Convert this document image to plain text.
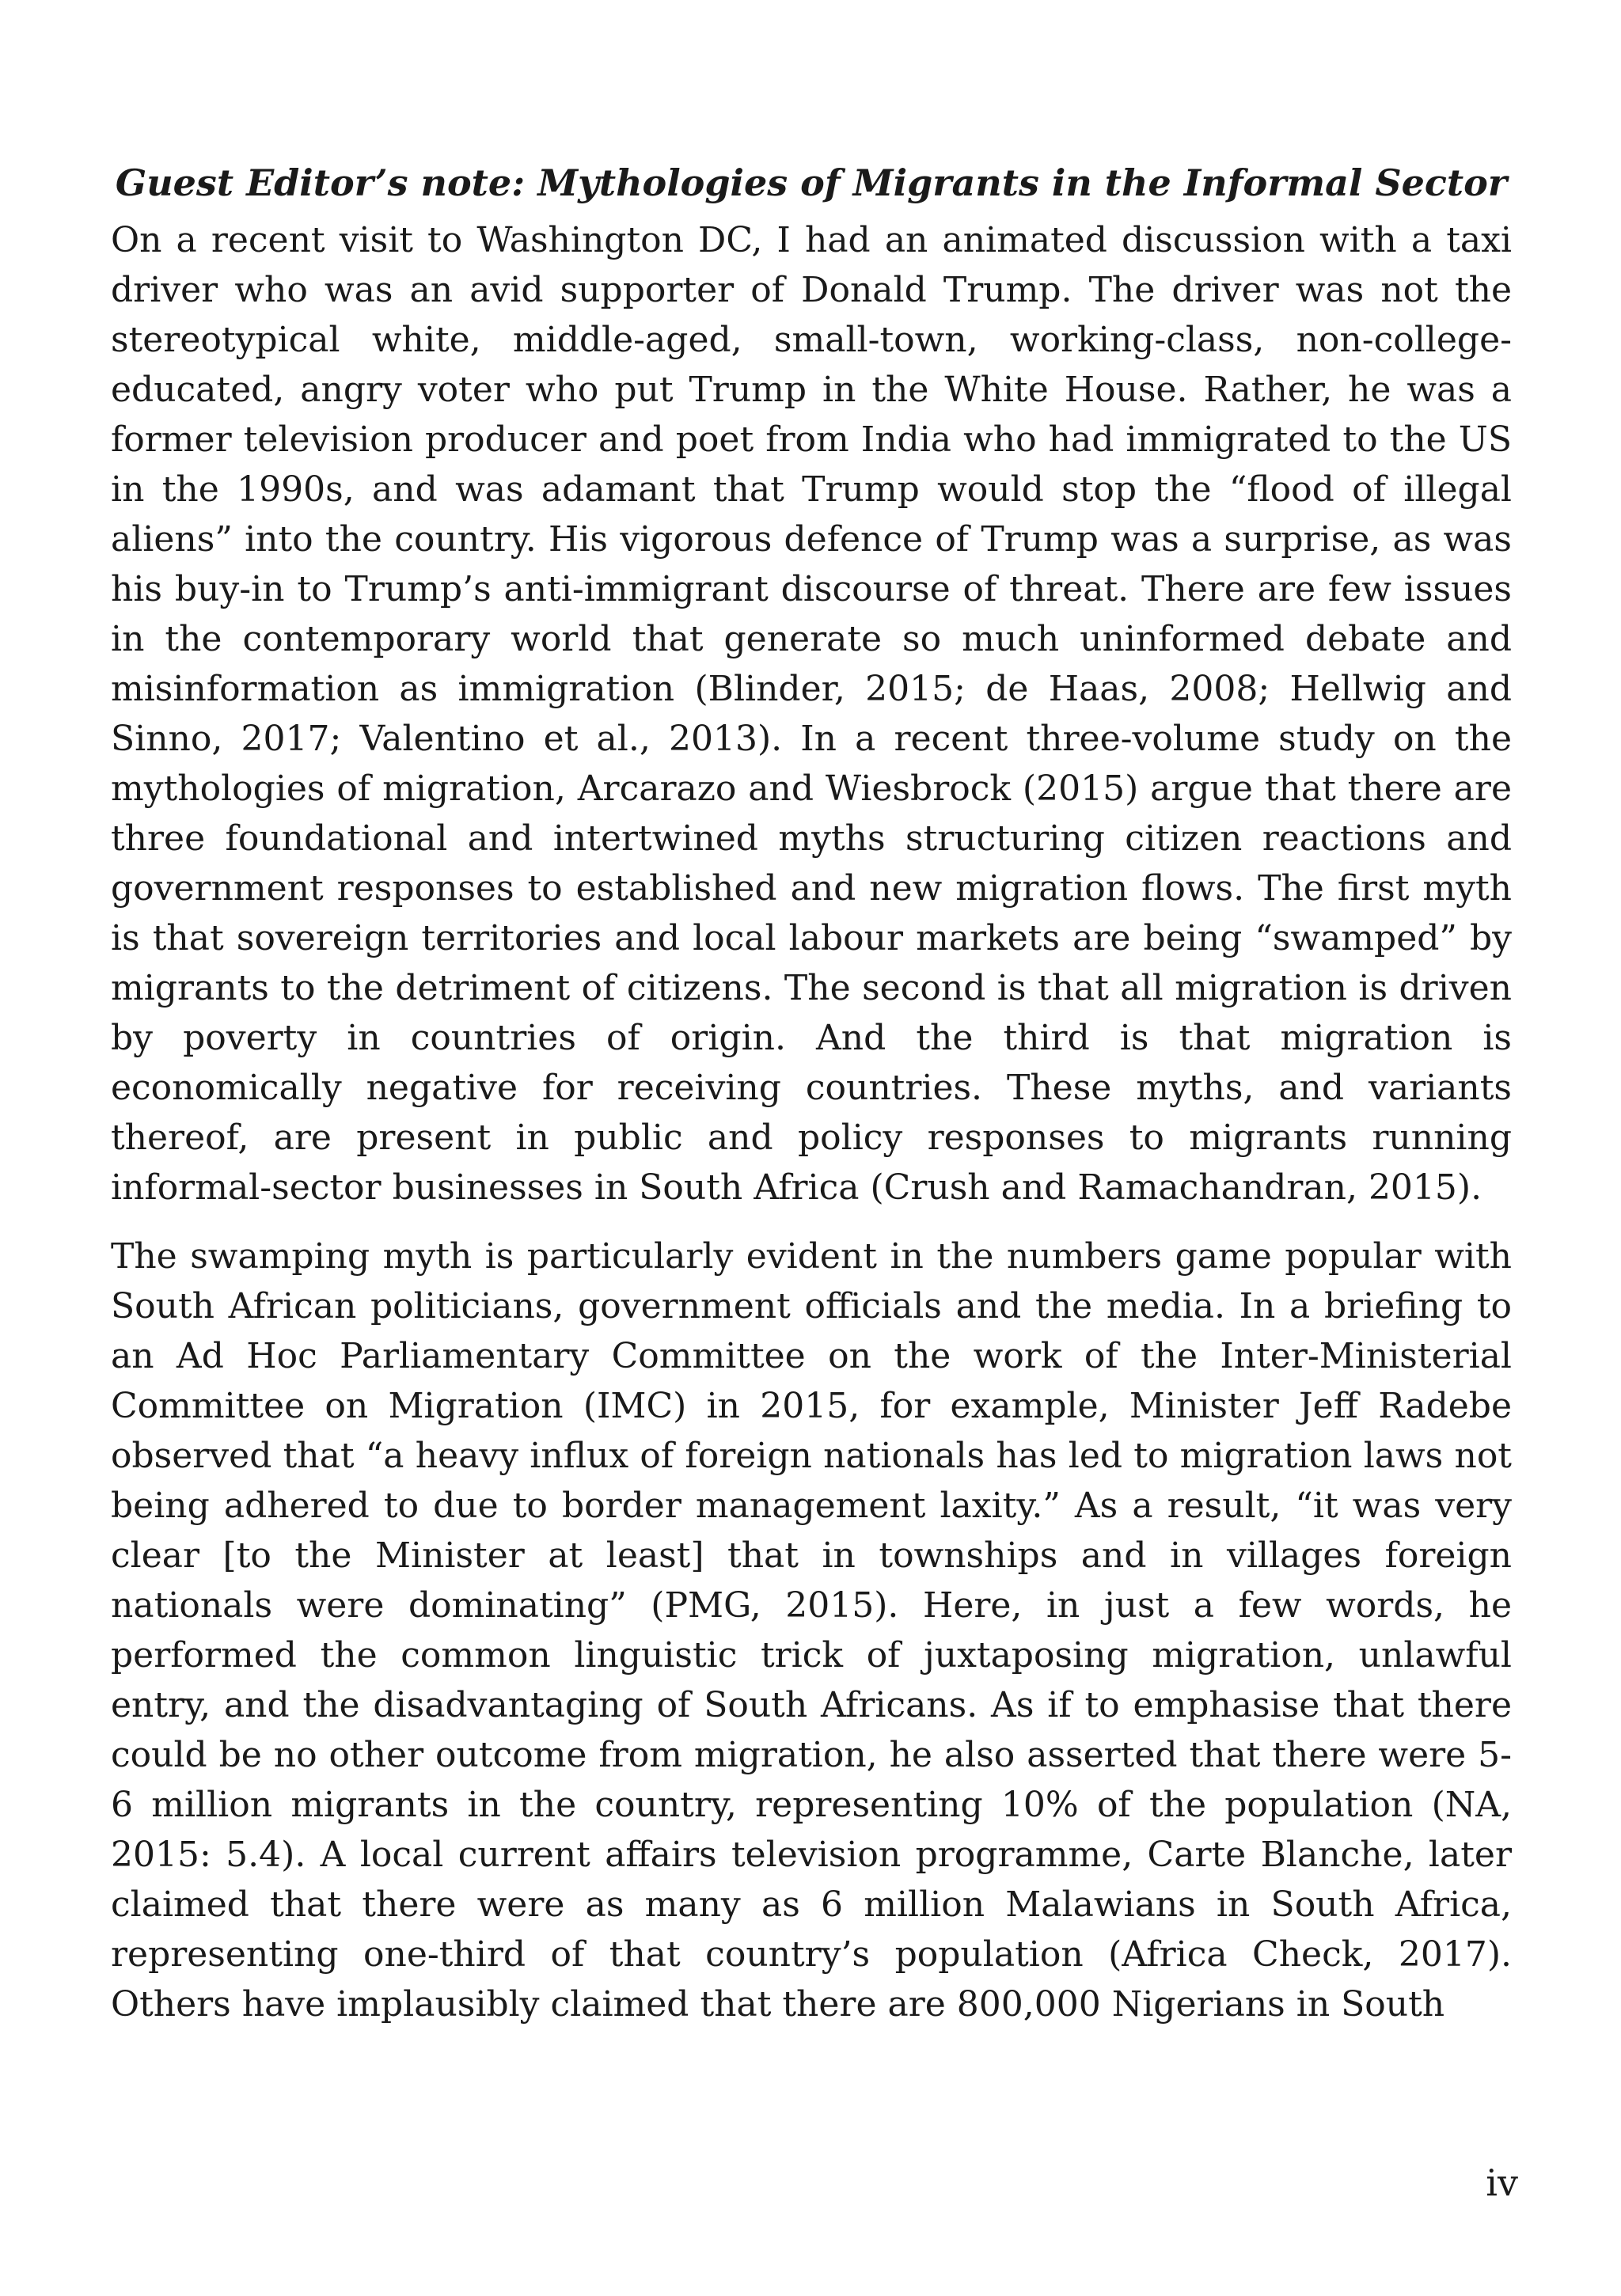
Guest Editor’s note: Mythologies of Migrants in the Informal Sector

On a recent visit to Washington DC, I had an animated discussion with a taxi driver who was an avid supporter of Donald Trump. The driver was not the stereotypical white, middle-aged, small-town, working-class, non-college-educated, angry voter who put Trump in the White House. Rather, he was a former television producer and poet from India who had immigrated to the US in the 1990s, and was adamant that Trump would stop the “flood of illegal aliens” into the country. His vigorous defence of Trump was a surprise, as was his buy-in to Trump’s anti-immigrant discourse of threat. There are few issues in the contemporary world that generate so much uninformed debate and misinformation as immigration (Blinder, 2015; de Haas, 2008; Hellwig and Sinno, 2017; Valentino et al., 2013). In a recent three-volume study on the mythologies of migration, Arcarazo and Wiesbrock (2015) argue that there are three foundational and intertwined myths structuring citizen reactions and government responses to established and new migration flows. The first myth is that sovereign territories and local labour markets are being “swamped” by migrants to the detriment of citizens. The second is that all migration is driven by poverty in countries of origin. And the third is that migration is economically negative for receiving countries. These myths, and variants thereof, are present in public and policy responses to migrants running informal-sector businesses in South Africa (Crush and Ramachandran, 2015).

The swamping myth is particularly evident in the numbers game popular with South African politicians, government officials and the media. In a briefing to an Ad Hoc Parliamentary Committee on the work of the Inter-Ministerial Committee on Migration (IMC) in 2015, for example, Minister Jeff Radebe observed that “a heavy influx of foreign nationals has led to migration laws not being adhered to due to border management laxity.” As a result, “it was very clear [to the Minister at least] that in townships and in villages foreign nationals were dominating” (PMG, 2015). Here, in just a few words, he performed the common linguistic trick of juxtaposing migration, unlawful entry, and the disadvantaging of South Africans. As if to emphasise that there could be no other outcome from migration, he also asserted that there were 5-6 million migrants in the country, representing 10% of the population (NA, 2015: 5.4). A local current affairs television programme, Carte Blanche, later claimed that there were as many as 6 million Malawians in South Africa, representing one-third of that country’s population (Africa Check, 2017). Others have implausibly claimed that there are 800,000 Nigerians in South

iv
